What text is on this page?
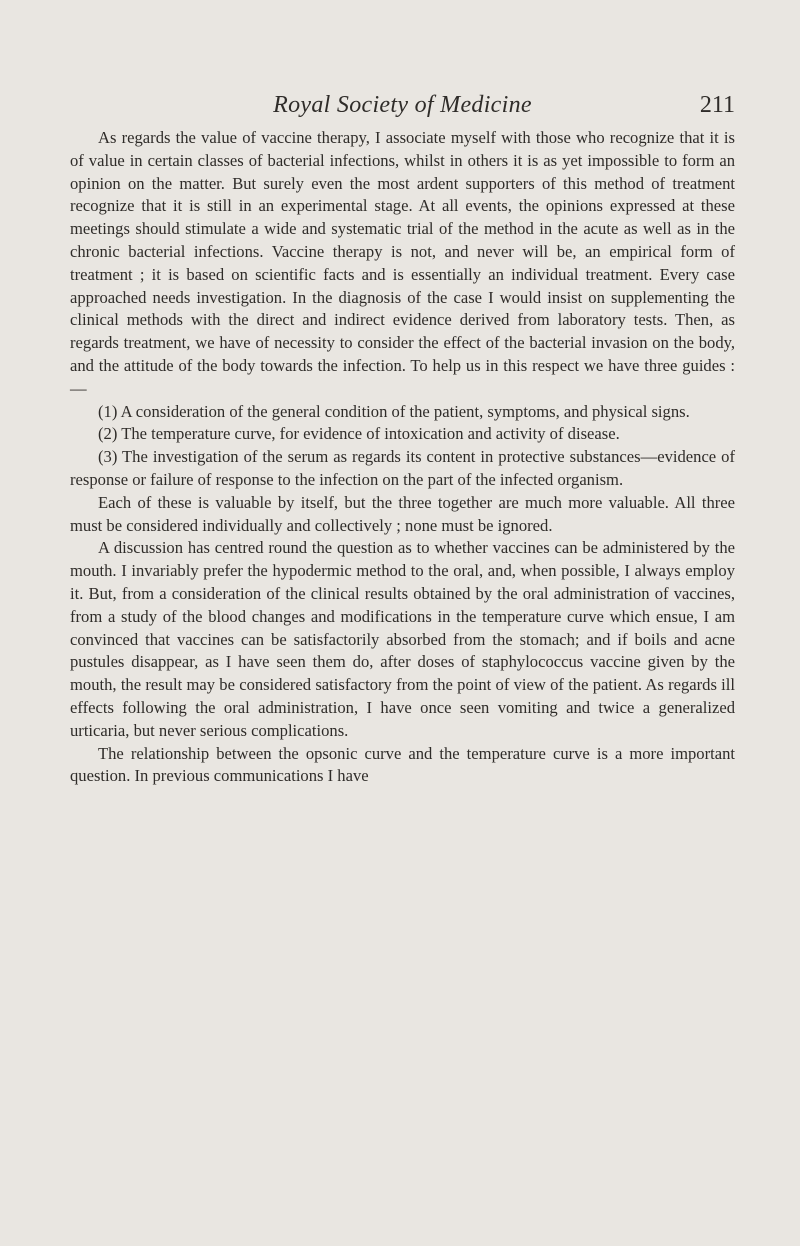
Royal Society of Medicine	211

As regards the value of vaccine therapy, I associate myself with those who recognize that it is of value in certain classes of bacterial infections, whilst in others it is as yet impossible to form an opinion on the matter. But surely even the most ardent supporters of this method of treatment recognize that it is still in an experimental stage. At all events, the opinions expressed at these meetings should stimulate a wide and systematic trial of the method in the acute as well as in the chronic bacterial infections. Vaccine therapy is not, and never will be, an empirical form of treatment ; it is based on scientific facts and is essentially an individual treatment. Every case approached needs investigation. In the diagnosis of the case I would insist on supplementing the clinical methods with the direct and indirect evidence derived from laboratory tests. Then, as regards treatment, we have of necessity to consider the effect of the bacterial invasion on the body, and the attitude of the body towards the infection. To help us in this respect we have three guides :—

(1) A consideration of the general condition of the patient, symptoms, and physical signs.

(2) The temperature curve, for evidence of intoxication and activity of disease.

(3) The investigation of the serum as regards its content in protective substances—evidence of response or failure of response to the infection on the part of the infected organism.

Each of these is valuable by itself, but the three together are much more valuable. All three must be considered individually and collectively ; none must be ignored.

A discussion has centred round the question as to whether vaccines can be administered by the mouth. I invariably prefer the hypodermic method to the oral, and, when possible, I always employ it. But, from a consideration of the clinical results obtained by the oral administration of vaccines, from a study of the blood changes and modifications in the temperature curve which ensue, I am convinced that vaccines can be satisfactorily absorbed from the stomach; and if boils and acne pustules disappear, as I have seen them do, after doses of staphylococcus vaccine given by the mouth, the result may be considered satisfactory from the point of view of the patient. As regards ill effects following the oral administration, I have once seen vomiting and twice a generalized urticaria, but never serious complications.

The relationship between the opsonic curve and the temperature curve is a more important question. In previous communications I have
